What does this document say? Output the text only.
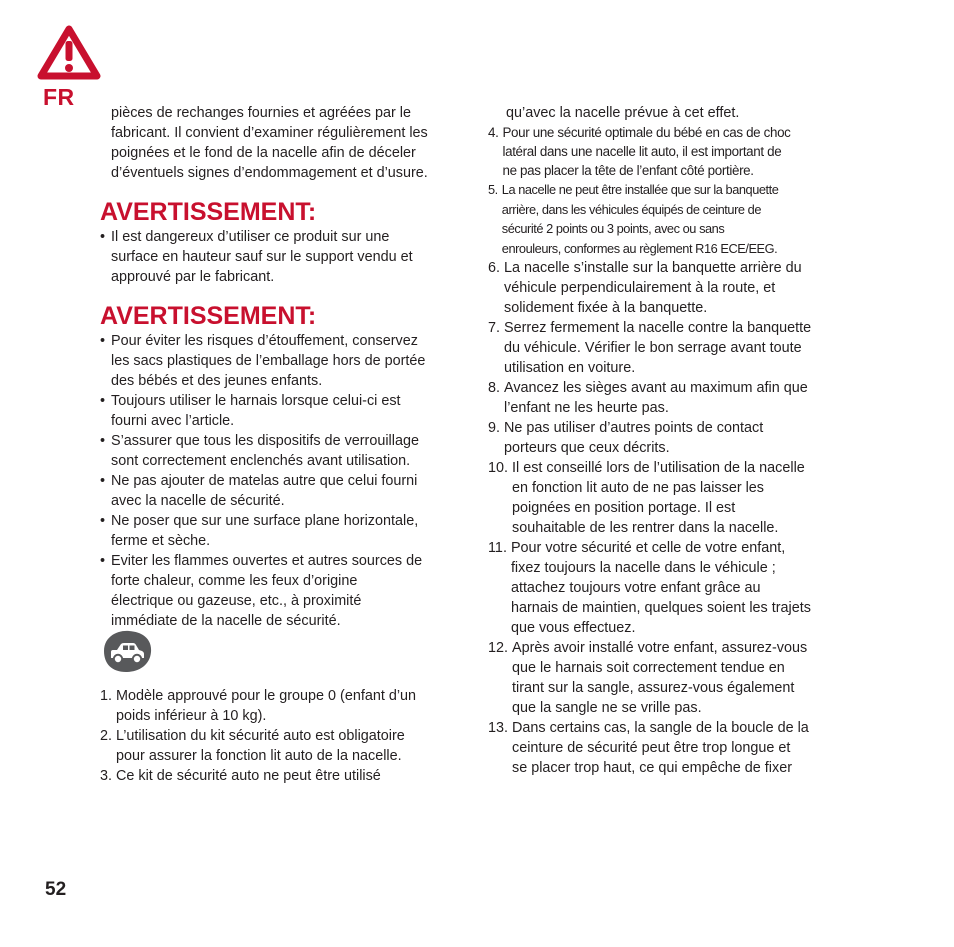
FR

pièces de rechanges fournies et agréées par le

fabricant. Il convient d’examiner régulièrement les

poignées et le fond de la nacelle afin de déceler

d’éventuels signes d’endommagement et d’usure.

AVERTISSEMENT:
• Il est dangereux d’utiliser ce produit sur une
surface en hauteur sauf sur le support vendu et
approuvé par le fabricant.
AVERTISSEMENT:
• Pour éviter les risques d’étouffement, conservez
les sacs plastiques de l’emballage hors de portée
des bébés et des jeunes enfants.
• Toujours utiliser le harnais lorsque celui-ci est
fourni avec l’article.
• S’assurer que tous les dispositifs de verrouillage
sont correctement enclenchés avant utilisation.
• Ne pas ajouter de matelas autre que celui fourni
avec la nacelle de sécurité.
• Ne poser que sur une surface plane horizontale,
ferme et sèche.
• Eviter les flammes ouvertes et autres sources de
forte chaleur, comme les feux d’origine
électrique ou gazeuse, etc., à proximité
immédiate de la nacelle de sécurité.
1. Modèle approuvé pour le groupe 0 (enfant d’un
poids inférieur à 10 kg).
2. L’utilisation du kit sécurité auto est obligatoire
pour assurer la fonction lit auto de la nacelle.
3. Ce kit de sécurité auto ne peut être utilisé

qu’avec la nacelle prévue à cet effet.

4. Pour une sécurité optimale du bébé en cas de choc
latéral dans une nacelle lit auto, il est important de
ne pas placer la tête de l’enfant côté portière.
5. La nacelle ne peut être installée que sur la banquette
arrière, dans les véhicules équipés de ceinture de
sécurité 2 points ou 3 points, avec ou sans
enrouleurs, conformes au règlement R16 ECE/EEG.
6. La nacelle s’installe sur la banquette arrière du
véhicule perpendiculairement à la route, et
solidement fixée à la banquette.
7. Serrez fermement la nacelle contre la banquette
du véhicule. Vérifier le bon serrage avant toute
utilisation en voiture.
8. Avancez les sièges avant au maximum afin que
l’enfant ne les heurte pas.
9. Ne pas utiliser d’autres points de contact
porteurs que ceux décrits.
10. Il est conseillé lors de l’utilisation de la nacelle
en fonction lit auto de ne pas laisser les
poignées en position portage. Il est
souhaitable de les rentrer dans la nacelle.
11. Pour votre sécurité et celle de votre enfant,
fixez toujours la nacelle dans le véhicule ;
attachez toujours votre enfant grâce au
harnais de maintien, quelques soient les trajets
que vous effectuez.
12. Après avoir installé votre enfant, assurez-vous
que le harnais soit correctement tendue en
tirant sur la sangle, assurez-vous également
que la sangle ne se vrille pas.
13. Dans certains cas, la sangle de la boucle de la
ceinture de sécurité peut être trop longue et
se placer trop haut, ce qui empêche de fixer
52
